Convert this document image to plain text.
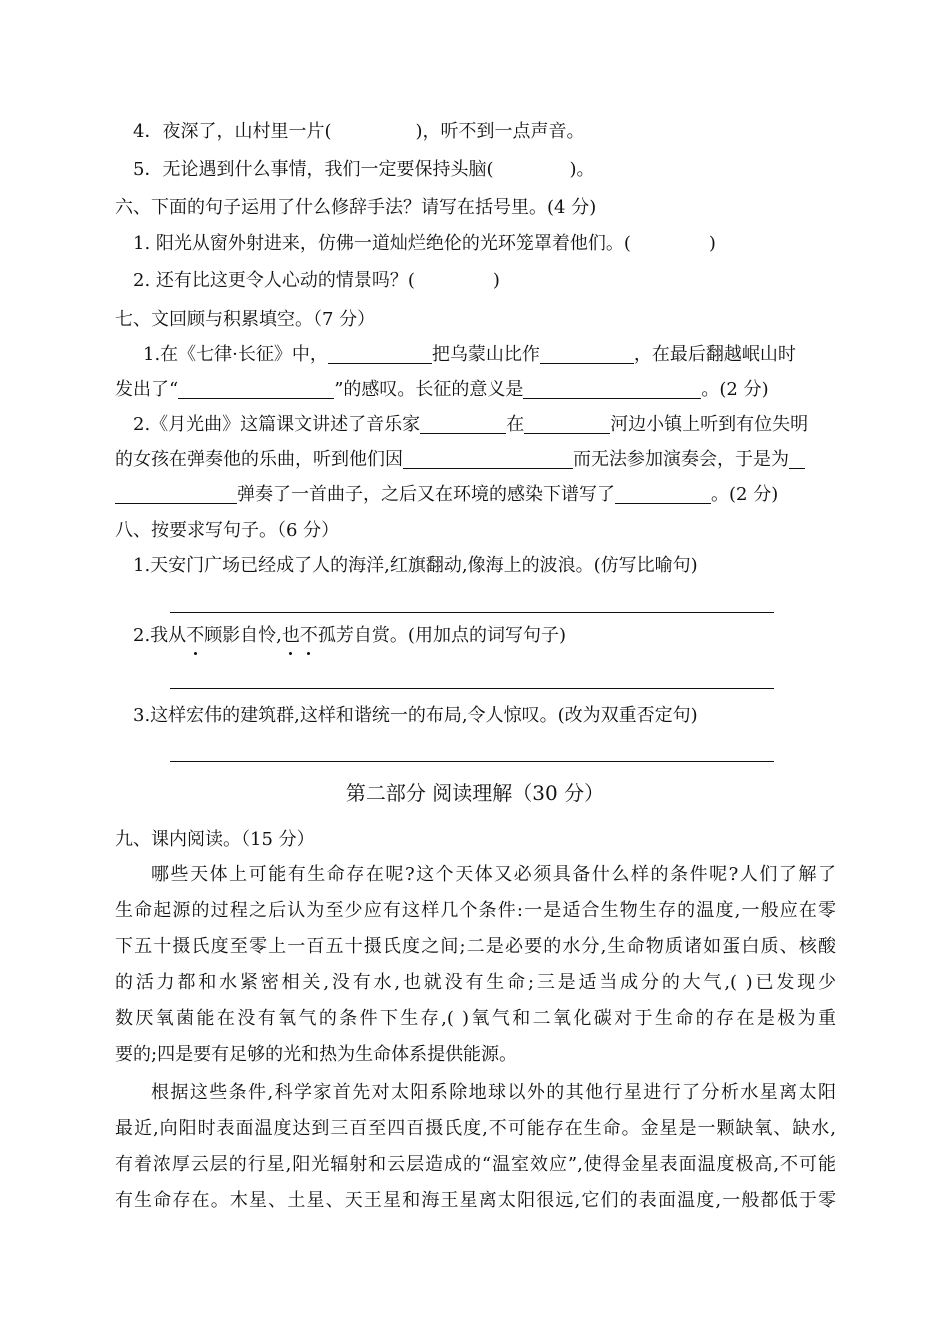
4．夜深了，山村里一片(	)，听不到一点声音。
5．无论遇到什么事情，我们一定要保持头脑(	)。
六、下面的句子运用了什么修辞手法？请写在括号里。(4 分)
1. 阳光从窗外射进来，仿佛一道灿烂绝伦的光环笼罩着他们。(	)
2. 还有比这更令人心动的情景吗？(	)
七、文回顾与积累填空。（7 分）
1.在《七律·长征》中，	把乌蒙山比作	，在最后翻越岷山时
发出了“	”的感叹。长征的意义是	。(2 分)
2.《月光曲》这篇课文讲述了音乐家	在	河边小镇上听到有位失明
的女孩在弹奏他的乐曲，听到他们因	而无法参加演奏会，于是为
弹奏了一首曲子，之后又在环境的感染下谱写了	。(2 分)
八、按要求写句子。（6 分）
1.天安门广场已经成了人的海洋,红旗翻动,像海上的波浪。(仿写比喻句)
2.我从不顾影自怜,也不孤芳自赏。(用加点的词写句子)
3.这样宏伟的建筑群,这样和谐统一的布局,令人惊叹。(改为双重否定句)
第二部分 阅读理解（30 分）
九、课内阅读。（15 分）
哪些天体上可能有生命存在呢?这个天体又必须具备什么样的条件呢?人们了解了
生命起源的过程之后认为至少应有这样几个条件:一是适合生物生存的温度,一般应在零
下五十摄氏度至零上一百五十摄氏度之间;二是必要的水分,生命物质诸如蛋白质、核酸
的活力都和水紧密相关,没有水,也就没有生命;三是适当成分的大气,( )已发现少
数厌氧菌能在没有氧气的条件下生存,( )氧气和二氧化碳对于生命的存在是极为重
要的;四是要有足够的光和热为生命体系提供能源。
根据这些条件,科学家首先对太阳系除地球以外的其他行星进行了分析水星离太阳
最近,向阳时表面温度达到三百至四百摄氏度,不可能存在生命。金星是一颗缺氧、缺水,
有着浓厚云层的行星,阳光辐射和云层造成的“温室效应”,使得金星表面温度极高,不可能
有生命存在。木星、土星、天王星和海王星离太阳很远,它们的表面温度,一般都低于零
